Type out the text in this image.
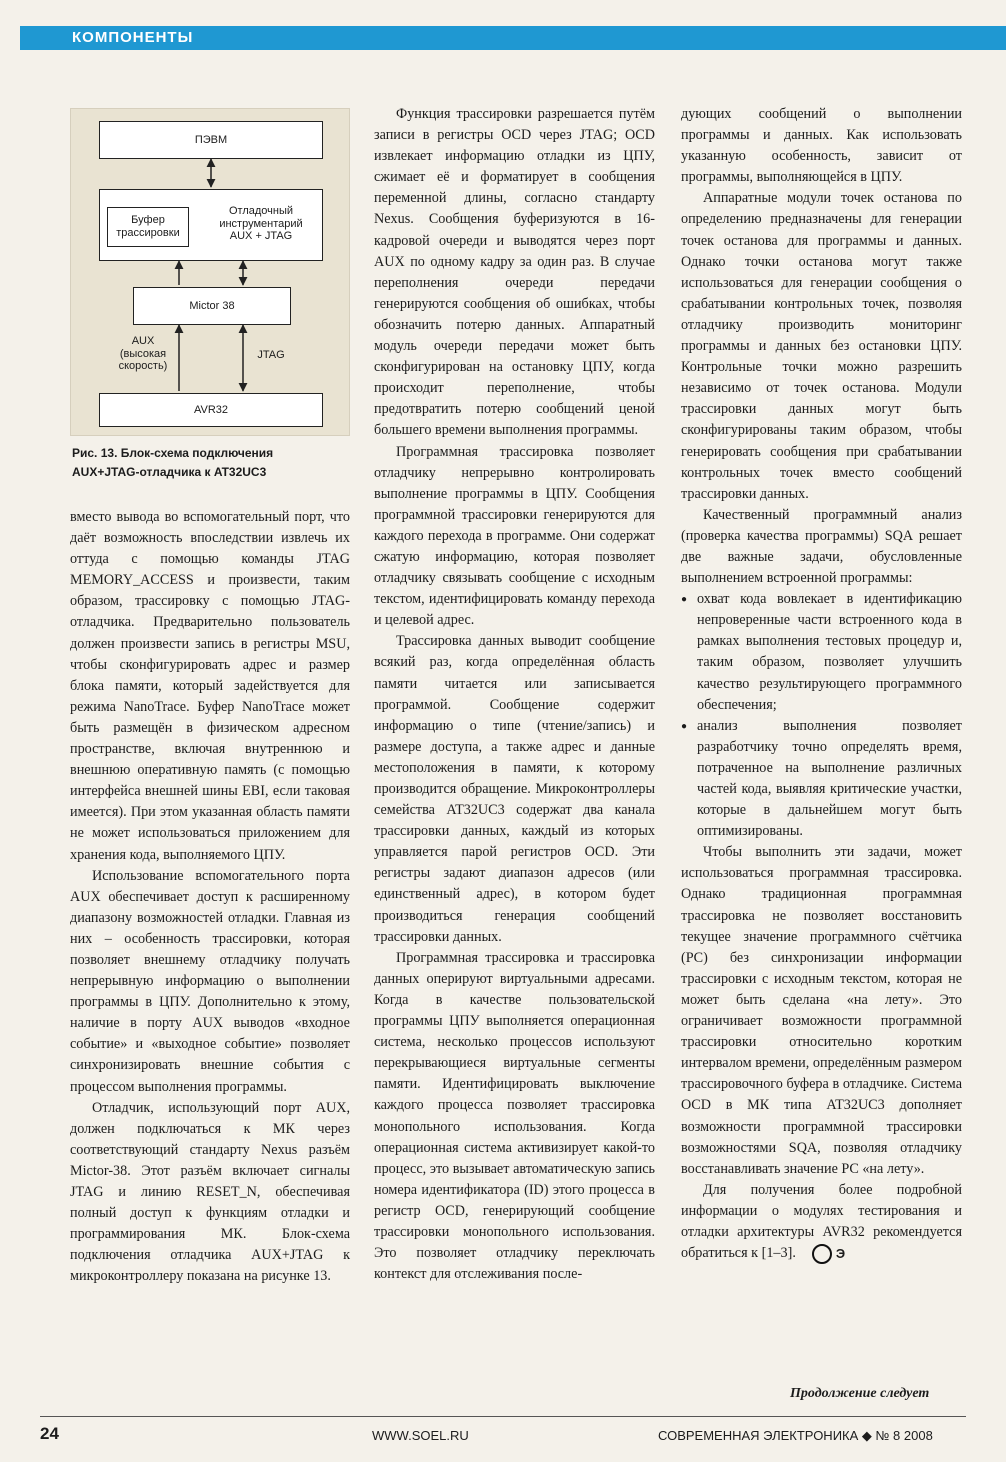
КОМПОНЕНТЫ
ПЭВМ
Буфер трассировки
Отладочный инструментарий AUX + JTAG
Mictor 38
AUX (высокая скорость)
JTAG
AVR32
Рис. 13. Блок-схема подключения
AUX+JTAG-отладчика к AT32UC3

вместо вывода во вспомогательный порт, что даёт возможность впоследствии извлечь их оттуда с помощью команды JTAG MEMORY_ACCESS и произвести, таким образом, трассировку с помощью JTAG-отладчика. Предварительно пользователь должен произвести запись в регистры MSU, чтобы сконфигурировать адрес и размер блока памяти, который задействуется для режима NanoTrace. Буфер NanoTrace может быть размещён в физическом адресном пространстве, включая внутреннюю и внешнюю оперативную память (с помощью интерфейса внешней шины EBI, если таковая имеется). При этом указанная область памяти не может использоваться приложением для хранения кода, выполняемого ЦПУ.

Использование вспомогательного порта AUX обеспечивает доступ к расширенному диапазону возможностей отладки. Главная из них – особенность трассировки, которая позволяет внешнему отладчику получать непрерывную информацию о выполнении программы в ЦПУ. Дополнительно к этому, наличие в порту AUX выводов «входное событие» и «выходное событие» позволяет синхронизировать внешние события с процессом выполнения программы.

Отладчик, использующий порт AUX, должен подключаться к МК через соответствующий стандарту Nexus разъём Mictor-38. Этот разъём включает сигналы JTAG и линию RESET_N, обеспечивая полный доступ к функциям отладки и программирования МК. Блок-схема подключения отладчика AUX+JTAG к микроконтроллеру показана на рисунке 13.

Функция трассировки разрешается путём записи в регистры OCD через JTAG; OCD извлекает информацию отладки из ЦПУ, сжимает её и форматирует в сообщения переменной длины, согласно стандарту Nexus. Сообщения буферизуются в 16-кадровой очереди и выводятся через порт AUX по одному кадру за один раз. В случае переполнения очереди передачи генерируются сообщения об ошибках, чтобы обозначить потерю данных. Аппаратный модуль очереди передачи может быть сконфигурирован на остановку ЦПУ, когда происходит переполнение, чтобы предотвратить потерю сообщений ценой большего времени выполнения программы.

Программная трассировка позволяет отладчику непрерывно контролировать выполнение программы в ЦПУ. Сообщения программной трассировки генерируются для каждого перехода в программе. Они содержат сжатую информацию, которая позволяет отладчику связывать сообщение с исходным текстом, идентифицировать команду перехода и целевой адрес.

Трассировка данных выводит сообщение всякий раз, когда определённая область памяти читается или записывается программой. Сообщение содержит информацию о типе (чтение/запись) и размере доступа, а также адрес и данные местоположения в памяти, к которому производится обращение. Микроконтроллеры семейства AT32UC3 содержат два канала трассировки данных, каждый из которых управляется парой регистров OCD. Эти регистры задают диапазон адресов (или единственный адрес), в котором будет производиться генерация сообщений трассировки данных.

Программная трассировка и трассировка данных оперируют виртуальными адресами. Когда в качестве пользовательской программы ЦПУ выполняется операционная система, несколько процессов используют перекрывающиеся виртуальные сегменты памяти. Идентифицировать выключение каждого процесса позволяет трассировка монопольного использования. Когда операционная система активизирует какой-то процесс, это вызывает автоматическую запись номера идентификатора (ID) этого процесса в регистр OCD, генерирующий сообщение трассировки монопольного использования. Это позволяет отладчику переключать контекст для отслеживания после-

дующих сообщений о выполнении программы и данных. Как использовать указанную особенность, зависит от программы, выполняющейся в ЦПУ.

Аппаратные модули точек останова по определению предназначены для генерации точек останова для программы и данных. Однако точки останова могут также использоваться для генерации сообщения о срабатывании контрольных точек, позволяя отладчику производить мониторинг программы и данных без остановки ЦПУ. Контрольные точки можно разрешить независимо от точек останова. Модули трассировки данных могут быть сконфигурированы таким образом, чтобы генерировать сообщения при срабатывании контрольных точек вместо сообщений трассировки данных.

Качественный программный анализ (проверка качества программы) SQA решает две важные задачи, обусловленные выполнением встроенной программы:

● охват кода вовлекает в идентификацию непроверенные части встроенного кода в рамках выполнения тестовых процедур и, таким образом, позволяет улучшить качество результирующего программного обеспечения;
● анализ выполнения позволяет разработчику точно определять время, потраченное на выполнение различных частей кода, выявляя критические участки, которые в дальнейшем могут быть оптимизированы.

Чтобы выполнить эти задачи, может использоваться программная трассировка. Однако традиционная программная трассировка не позволяет восстановить текущее значение программного счётчика (PC) без синхронизации информации трассировки с исходным текстом, которая не может быть сделана «на лету». Это ограничивает возможности программной трассировки относительно коротким интервалом времени, определённым размером трассировочного буфера в отладчике. Система OCD в МК типа AT32UC3 дополняет возможности программной трассировки возможностями SQA, позволяя отладчику восстанавливать значение PC «на лету».

Для получения более подробной информации о модулях тестирования и отладки архитектуры AVR32 рекомендуется обратиться к [1–3].	Э

Продолжение следует
24	WWW.SOEL.RU	СОВРЕМЕННАЯ ЭЛЕКТРОНИКА ◆ № 8 2008
